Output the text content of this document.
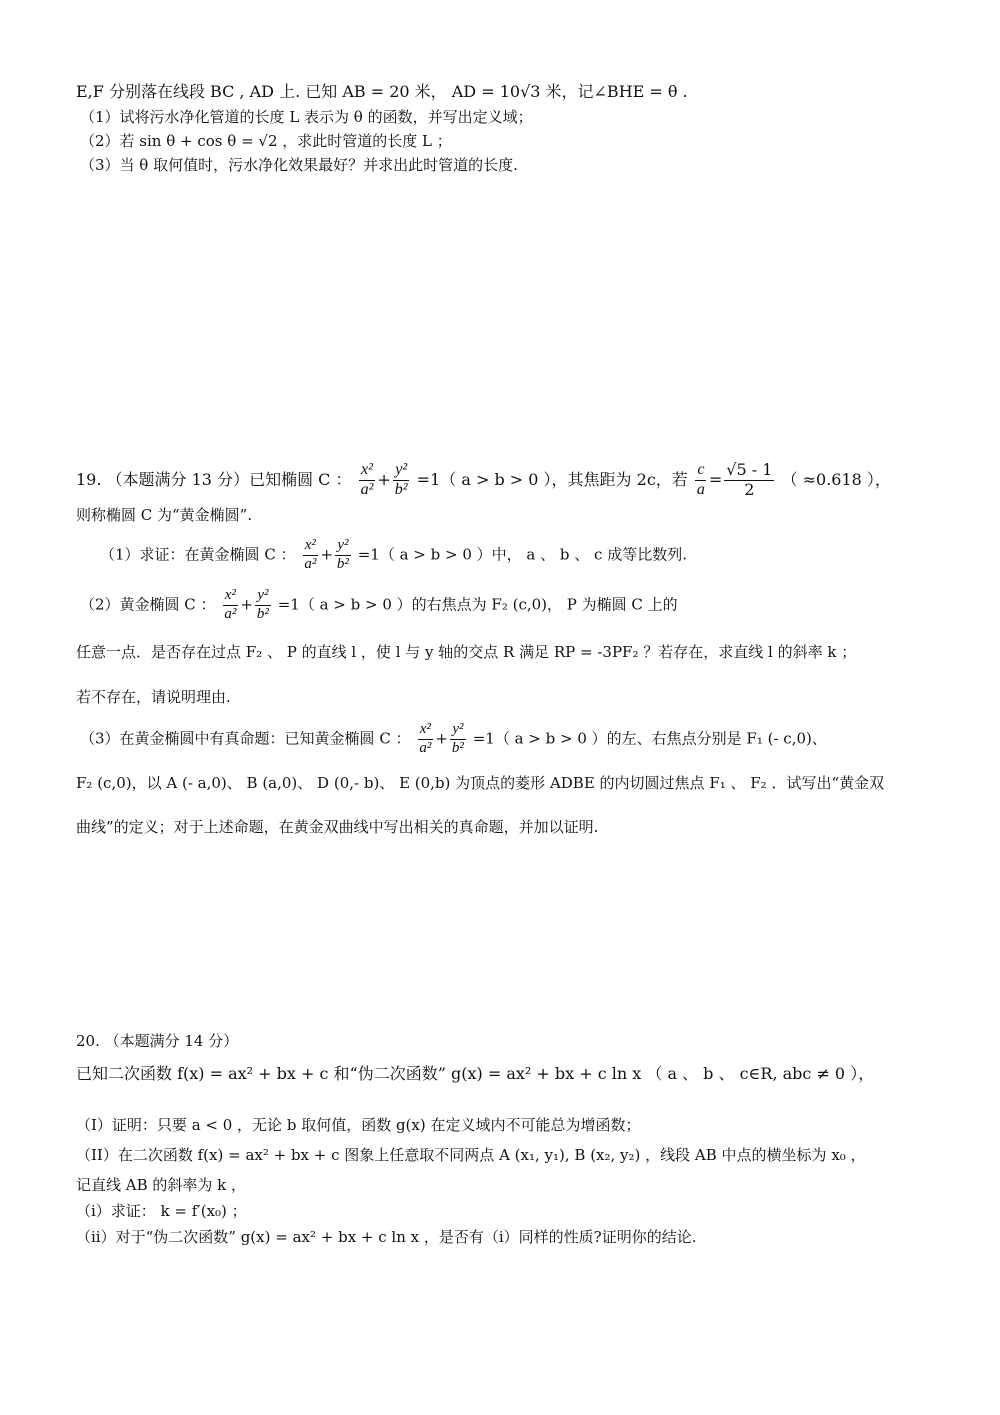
E,F 分别落在线段 BC , AD 上. 已知 AB = 20 米， AD = 10√3 米，记∠BHE = θ .
（1）试将污水净化管道的长度 L 表示为 θ 的函数，并写出定义域；
（2）若 sin θ + cos θ = √2 ，求此时管道的长度 L ；
（3）当 θ 取何值时，污水净化效果最好？并求出此时管道的长度.
19. （本题满分 13 分）已知椭圆 C ： $\frac{\text{x²}}{\text{a²}} + \frac{\text{y²}}{\text{b²}} =1$（ a > b > 0 ），其焦距为 2c，若 $\frac{c}{a} = \frac{√5 - 1}{2}$ （ ≈0.618 ），
则称椭圆 C 为“黄金椭圆”.
（1）求证：在黄金椭圆 C ： $\frac{\text{x²}}{\text{a²}} + \frac{\text{y²}}{\text{b²}} =1$（ a > b > 0 ）中， a 、 b 、 c 成等比数列.
（2）黄金椭圆 C ： $\frac{\text{x²}}{\text{a²}} + \frac{\text{y²}}{\text{b²}} =1$（ a > b > 0 ）的右焦点为 F₂ (c,0)， P 为椭圆 C 上的
任意一点．是否存在过点 F₂ 、 P 的直线 l ，使 l 与 y 轴的交点 R 满足 RP = -3PF₂ ？若存在，求直线 l 的斜率 k ；
若不存在，请说明理由.
（3）在黄金椭圆中有真命题：已知黄金椭圆 C ： $\frac{\text{x²}}{\text{a²}} + \frac{\text{y²}}{\text{b²}} =1$（ a > b > 0 ）的左、右焦点分别是 F₁ (- c,0)、
F₂ (c,0)，以 A (- a,0)、 B (a,0)、 D (0,- b)、 E (0,b) 为顶点的菱形 ADBE 的内切圆过焦点 F₁ 、 F₂ ．试写出“黄金双
曲线”的定义；对于上述命题，在黄金双曲线中写出相关的真命题，并加以证明.
20. （本题满分 14 分）
已知二次函数 f(x) = ax² + bx + c 和“伪二次函数” g(x) = ax² + bx + c ln x （ a 、 b 、 c∈R, abc ≠ 0 ），
（I）证明：只要 a < 0 ，无论 b 取何值，函数 g(x) 在定义域内不可能总为增函数；
（II）在二次函数 f(x) = ax² + bx + c 图象上任意取不同两点 A (x₁, y₁), B (x₂, y₂) ，线段 AB 中点的横坐标为 x₀ ，
记直线 AB 的斜率为 k ，
（i）求证： k = f′(x₀) ；
（ii）对于“伪二次函数” g(x) = ax² + bx + c ln x ，是否有（i）同样的性质?证明你的结论.
